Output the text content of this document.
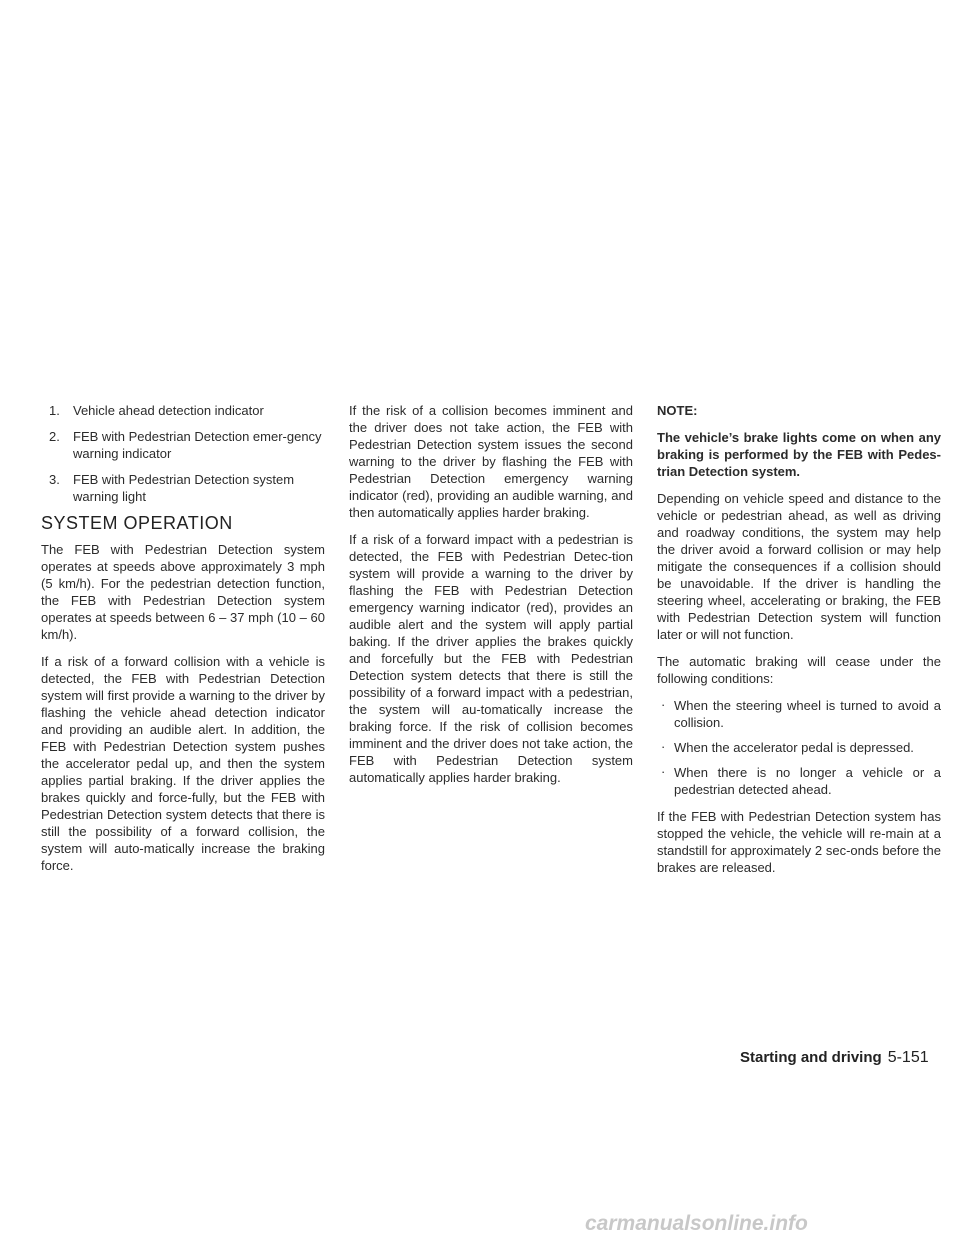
1. Vehicle ahead detection indicator
2. FEB with Pedestrian Detection emer-gency warning indicator
3. FEB with Pedestrian Detection system warning light
SYSTEM OPERATION

The FEB with Pedestrian Detection system operates at speeds above approximately 3 mph (5 km/h). For the pedestrian detection function, the FEB with Pedestrian Detection system operates at speeds between 6 – 37 mph (10 – 60 km/h).

If a risk of a forward collision with a vehicle is detected, the FEB with Pedestrian Detection system will first provide a warning to the driver by flashing the vehicle ahead detection indicator and providing an audible alert. In addition, the FEB with Pedestrian Detection system pushes the accelerator pedal up, and then the system applies partial braking. If the driver applies the brakes quickly and force-fully, but the FEB with Pedestrian Detection system detects that there is still the possibility of a forward collision, the system will auto-matically increase the braking force.

If the risk of a collision becomes imminent and the driver does not take action, the FEB with Pedestrian Detection system issues the second warning to the driver by flashing the FEB with Pedestrian Detection emergency warning indicator (red), providing an audible warning, and then automatically applies harder braking.

If a risk of a forward impact with a pedestrian is detected, the FEB with Pedestrian Detec-tion system will provide a warning to the driver by flashing the FEB with Pedestrian Detection emergency warning indicator (red), provides an audible alert and the system will apply partial baking. If the driver applies the brakes quickly and forcefully but the FEB with Pedestrian Detection system detects that there is still the possibility of a forward impact with a pedestrian, the system will au-tomatically increase the braking force. If the risk of collision becomes imminent and the driver does not take action, the FEB with Pedestrian Detection system automatically applies harder braking.

NOTE:

The vehicle’s brake lights come on when any braking is performed by the FEB with Pedes-trian Detection system.

Depending on vehicle speed and distance to the vehicle or pedestrian ahead, as well as driving and roadway conditions, the system may help the driver avoid a forward collision or may help mitigate the consequences if a collision should be unavoidable. If the driver is handling the steering wheel, accelerating or braking, the FEB with Pedestrian Detection system will function later or will not function.

The automatic braking will cease under the following conditions:

· When the steering wheel is turned to avoid a collision.
· When the accelerator pedal is depressed.
· When there is no longer a vehicle or a pedestrian detected ahead.

If the FEB with Pedestrian Detection system has stopped the vehicle, the vehicle will re-main at a standstill for approximately 2 sec-onds before the brakes are released.

Starting and driving 5-151
carmanualsonline.info
